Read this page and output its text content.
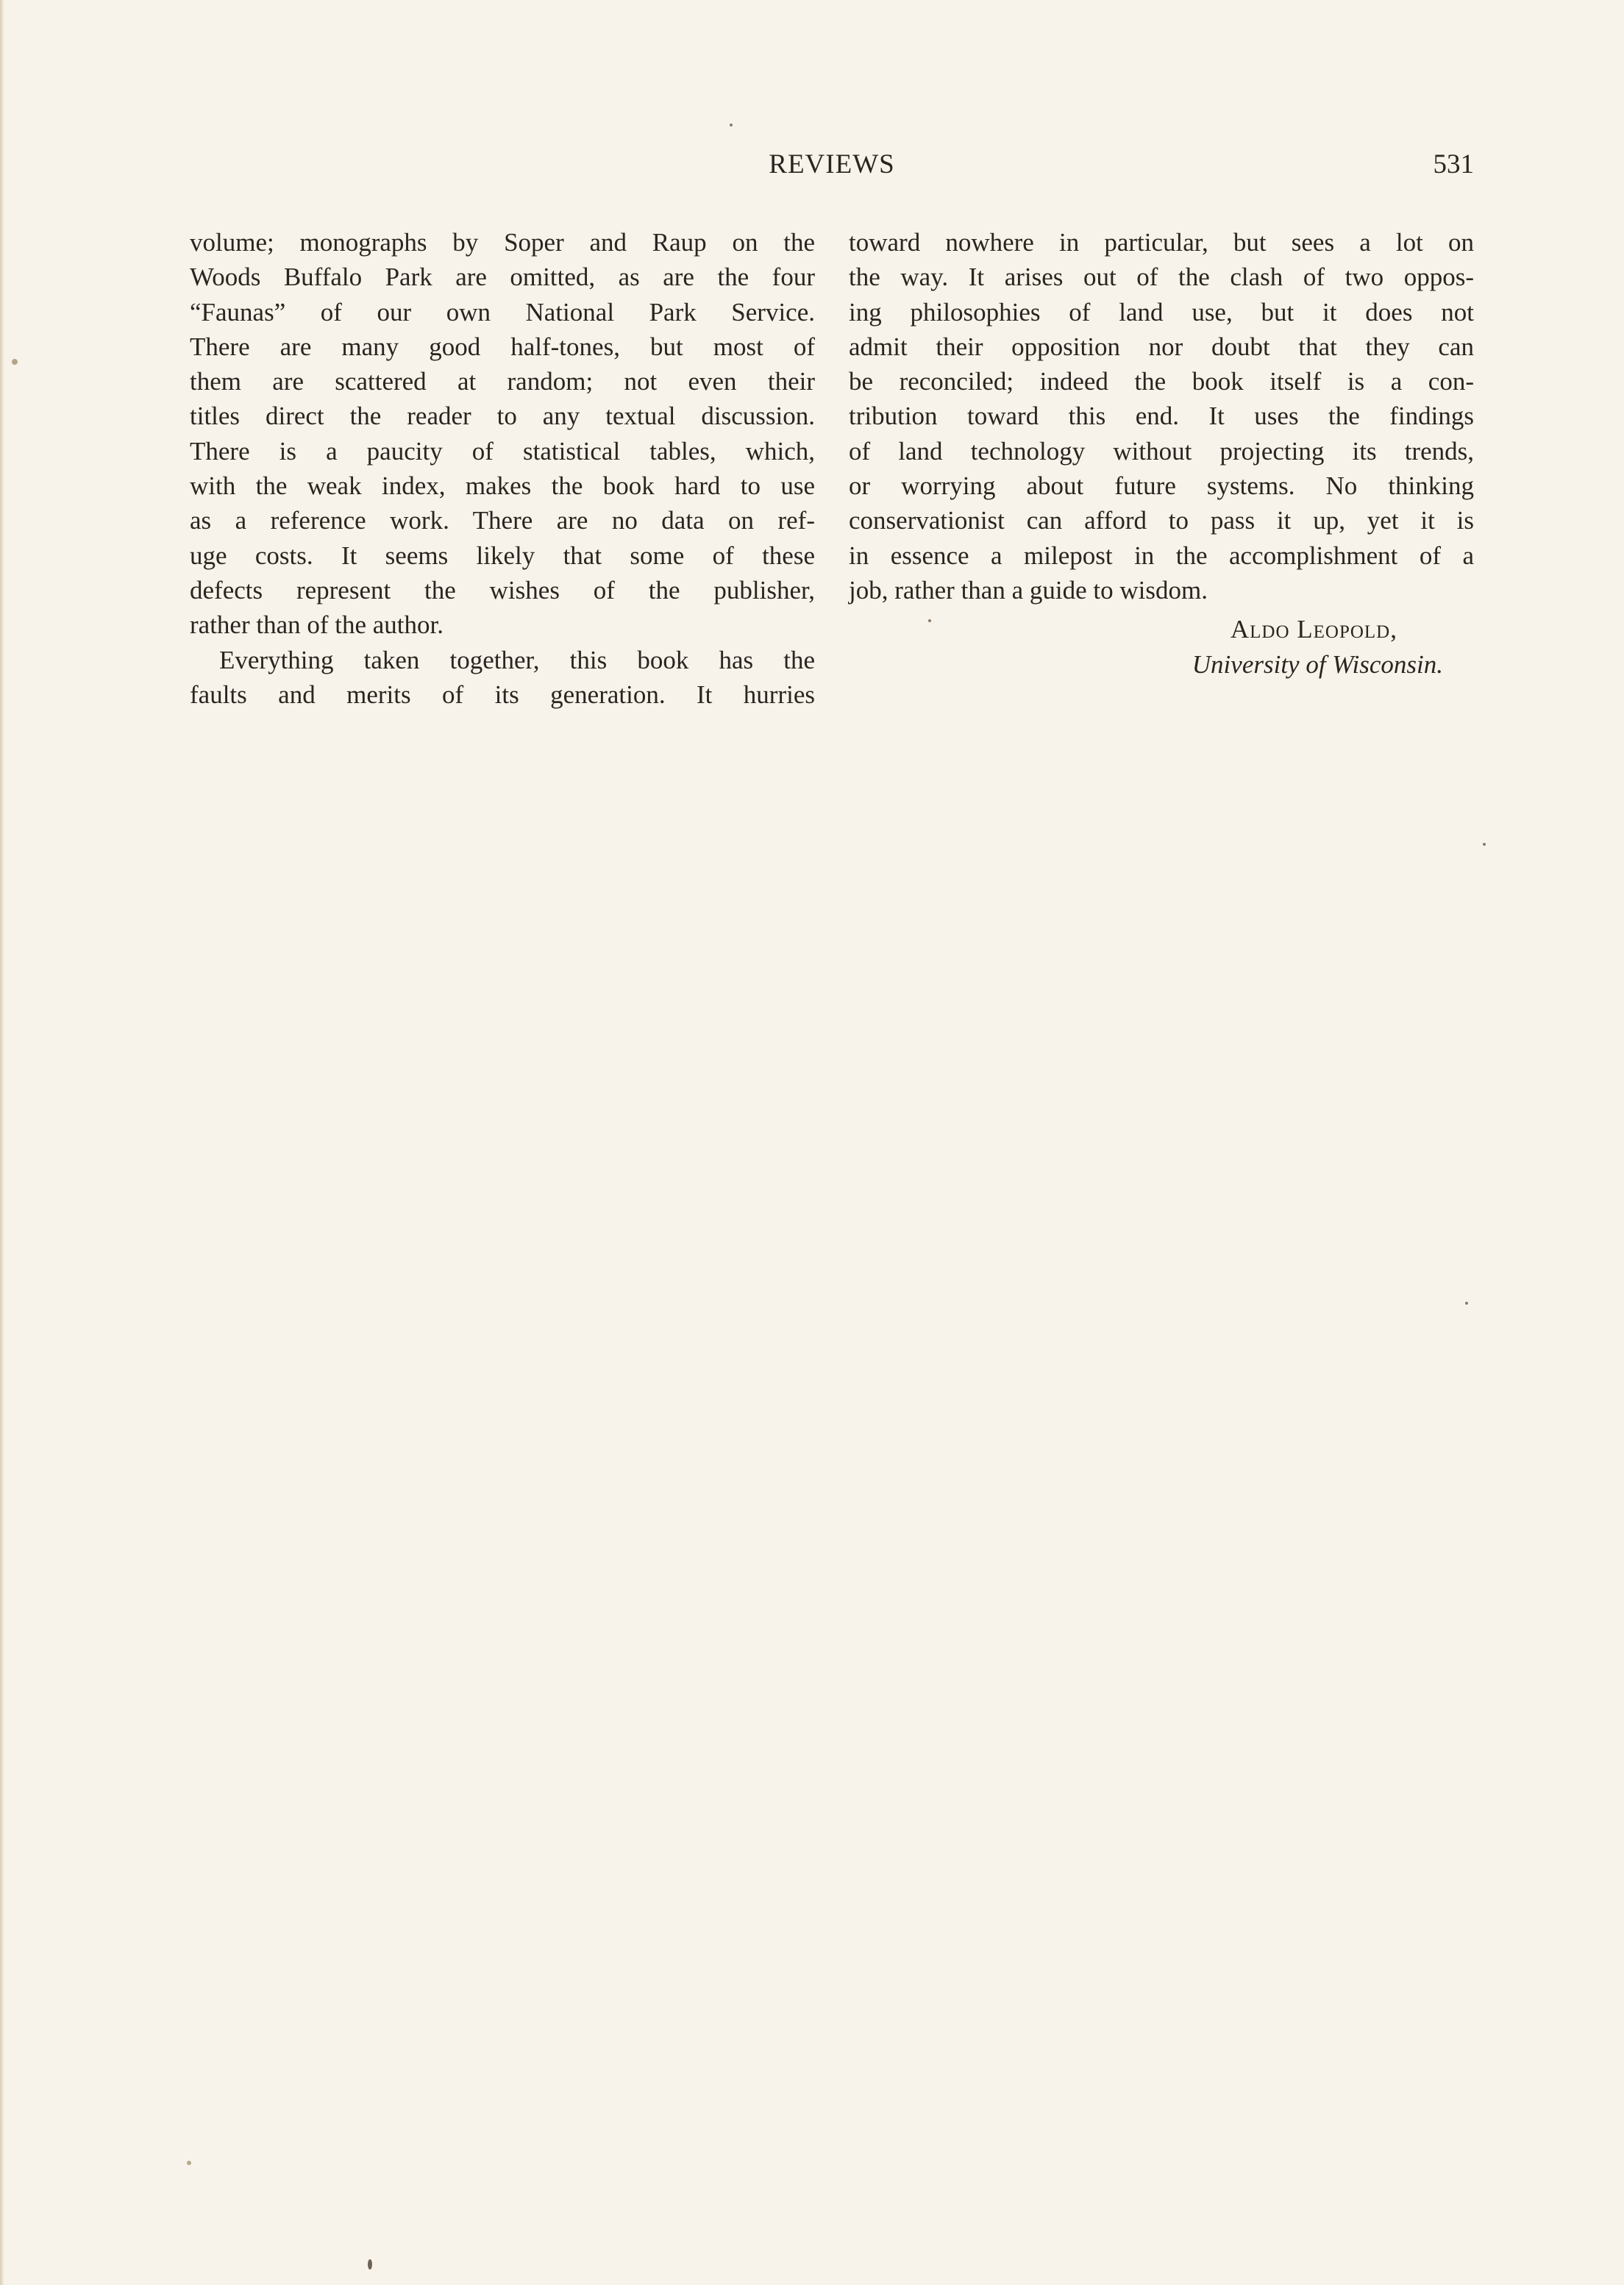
REVIEWS	531
volume; monographs by Soper and Raup on the
Woods Buffalo Park are omitted, as are the four
“Faunas” of our own National Park Service.
There are many good half-tones, but most of
them are scattered at random; not even their
titles direct the reader to any textual discussion.
There is a paucity of statistical tables, which,
with the weak index, makes the book hard to use
as a reference work. There are no data on ref-
uge costs. It seems likely that some of these
defects represent the wishes of the publisher,
rather than of the author.
Everything taken together, this book has the
faults and merits of its generation. It hurries
toward nowhere in particular, but sees a lot on
the way. It arises out of the clash of two oppos-
ing philosophies of land use, but it does not
admit their opposition nor doubt that they can
be reconciled; indeed the book itself is a con-
tribution toward this end. It uses the findings
of land technology without projecting its trends,
or worrying about future systems. No thinking
conservationist can afford to pass it up, yet it is
in essence a milepost in the accomplishment of a
job, rather than a guide to wisdom.
Aldo Leopold,
University of Wisconsin.
